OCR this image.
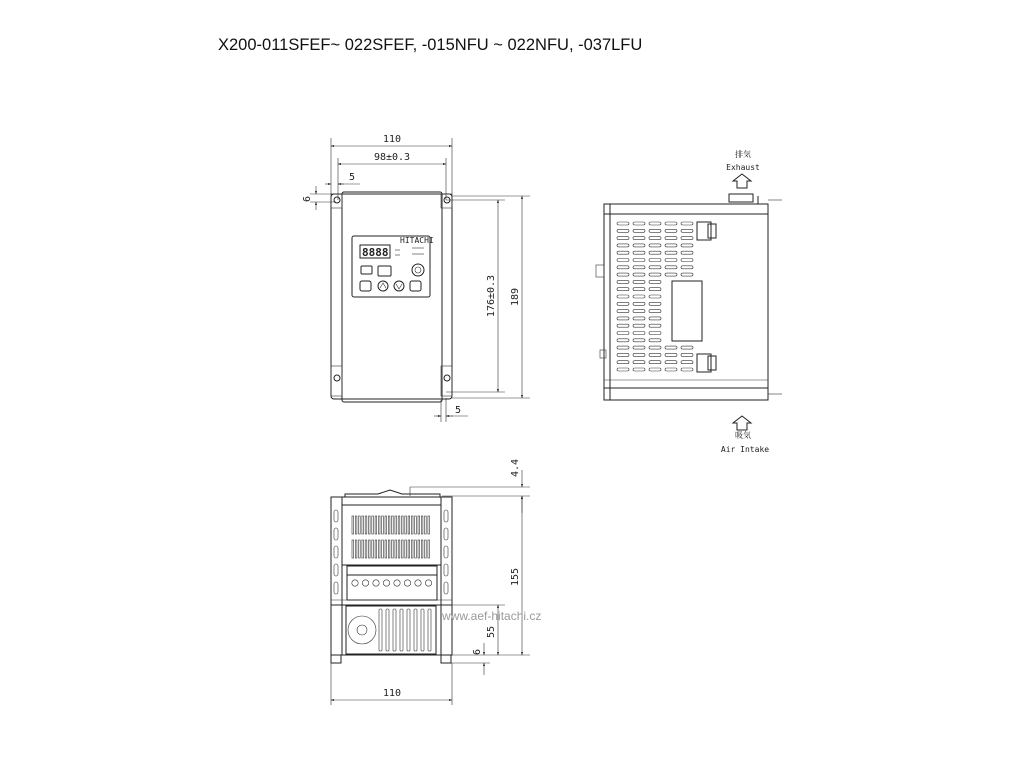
X200-011SFEF~ 022SFEF, -015NFU ~ 022NFU, -037LFU
110
98±0.3
5
6
HITACHI
8888
176±0.3 189
5
排気
Exhaust
吸気
Air Intake
4.4
155
55
6
110
www.aef-hitachi.cz
